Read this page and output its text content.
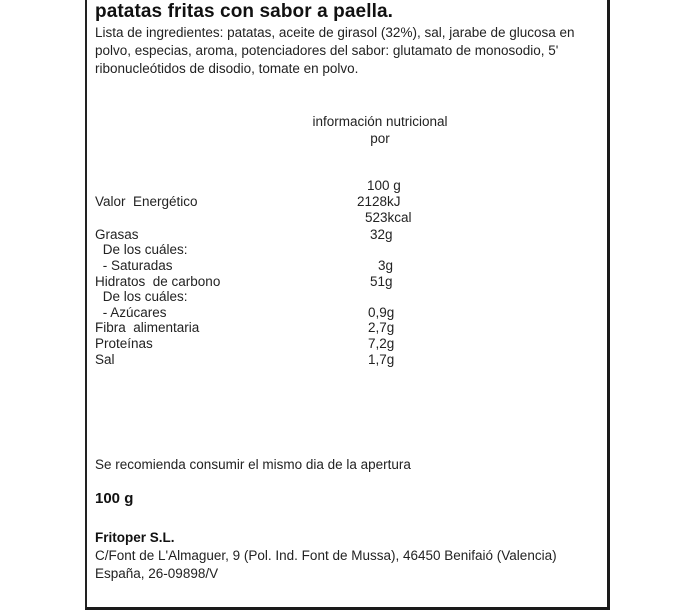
patatas fritas con sabor a paella.
Lista de ingredientes: patatas, aceite de girasol (32%), sal, jarabe de glucosa en
polvo, especias, aroma, potenciadores del sabor: glutamato de monosodio, 5'
ribonucleótidos de disodio, tomate en polvo.
información nutricional
por
100 g
Valor  Energético	2128kJ
523kcal
Grasas	32g
De los cuáles:
- Saturadas	3g
Hidratos  de carbono	51g
De los cuáles:
- Azúcares	0,9g
Fibra  alimentaria	2,7g
Proteínas	7,2g
Sal	1,7g
Se recomienda consumir el mismo dia de la apertura
100 g
Fritoper S.L.
C/Font de L'Almaguer, 9 (Pol. Ind. Font de Mussa), 46450 Benifaió (Valencia)
España, 26-09898/V
